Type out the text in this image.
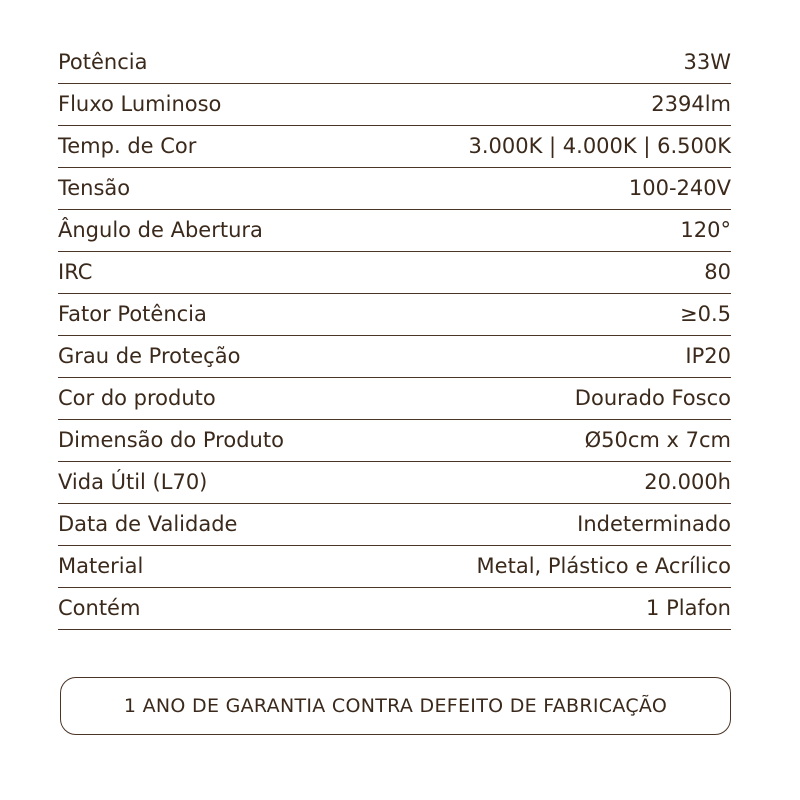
Potência	33W
Fluxo Luminoso	2394lm
Temp. de Cor	3.000K | 4.000K | 6.500K
Tensão	100-240V
Ângulo de Abertura	120°
IRC	80
Fator Potência	≥0.5
Grau de Proteção	IP20
Cor do produto	Dourado Fosco
Dimensão do Produto	Ø50cm x 7cm
Vida Útil (L70)	20.000h
Data de Validade	Indeterminado
Material	Metal, Plástico e Acrílico
Contém	1 Plafon
1 ANO DE GARANTIA CONTRA DEFEITO DE FABRICAÇÃO
